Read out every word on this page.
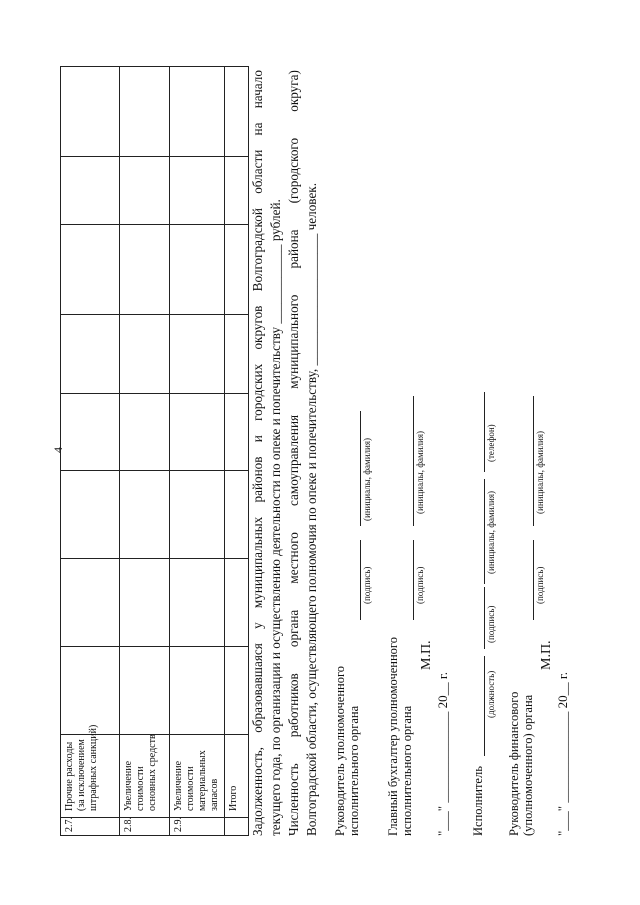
4
2.7.
Прочие расходы (за исключением штрафных санкций)
2.8.
Увеличение стоимости основных средств
2.9.
Увеличение стоимости материальных запасов Итого Задолженность,
образовавшаяся
у
муниципальных
районов
и
городских
округов
Волгоградской
области
на
начало
текущего года, по организации и осуществлению деятельности по опеке и попечительству ____________ рублей. Численность
работников
органа
местного
самоуправления
муниципального
района
(городского
округа)
Волгоградской области, осуществляющего полномочия по опеке и попечительству, ____________________ человек. Руководитель уполномоченного исполнительного органа
(подпись)
(инициалы, фамилия)
Главный бухгалтер уполномоченного исполнительного органа
(подпись)
(инициалы, фамилия)
М.П.
"___" ______________ 20__ г. Исполнитель
(должность)
(подпись)
(инициалы, фамилия)
(телефон)
Руководитель финансового (уполномоченного) органа
(подпись)
(инициалы, фамилия)
М.П.
"___" ______________ 20__ г.
